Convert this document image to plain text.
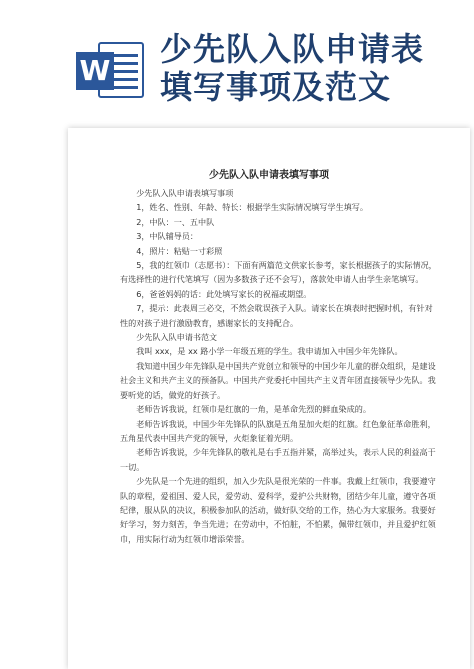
W
少先队入队申请表
填写事项及范文
少先队入队申请表填写事项

少先队入队申请表填写事项

1，姓名、性别、年龄、特长：根据学生实际情况填写学生填写。

2，中队：一、五中队

3，中队辅导员：

4，照片：粘贴一寸彩照

5，我的红领巾（志愿书）：下面有两篇范文供家长参考，家长根据孩子的实际情况，有选择性的进行代笔填写（因为多数孩子还不会写），落款处申请人由学生亲笔填写。

6，爸爸妈妈的话：此处填写家长的祝福或期望。

7，提示：此表周三必交，不然会耽误孩子入队。请家长在填表时把握时机，有针对性的对孩子进行激励教育，感谢家长的支持配合。

少先队入队申请书范文

我叫 xxx，是 xx 路小学一年级五班的学生。我申请加入中国少年先锋队。

我知道中国少年先锋队是中国共产党创立和领导的中国少年儿童的群众组织，是建设社会主义和共产主义的预备队。中国共产党委托中国共产主义青年团直接领导少先队。我要听党的话，做党的好孩子。

老师告诉我说，红领巾是红旗的一角，是革命先烈的鲜血染成的。

老师告诉我说，中国少年先锋队的队旗是五角星加火炬的红旗。红色象征革命胜利，五角星代表中国共产党的领导，火炬象征着光明。

老师告诉我说，少年先锋队的敬礼是右手五指并紧，高举过头，表示人民的利益高于一切。

少先队是一个先进的组织，加入少先队是很光荣的一件事。我戴上红领巾，我要遵守队的章程，爱祖国、爱人民，爱劳动、爱科学，爱护公共财物，团结少年儿童，遵守各项纪律，服从队的决议，积极参加队的活动，做好队交给的工作，热心为大家服务。我要好好学习，努力刻苦，争当先进；在劳动中，不怕脏，不怕累，佩带红领巾，并且爱护红领巾，用实际行动为红领巾增添荣誉。
